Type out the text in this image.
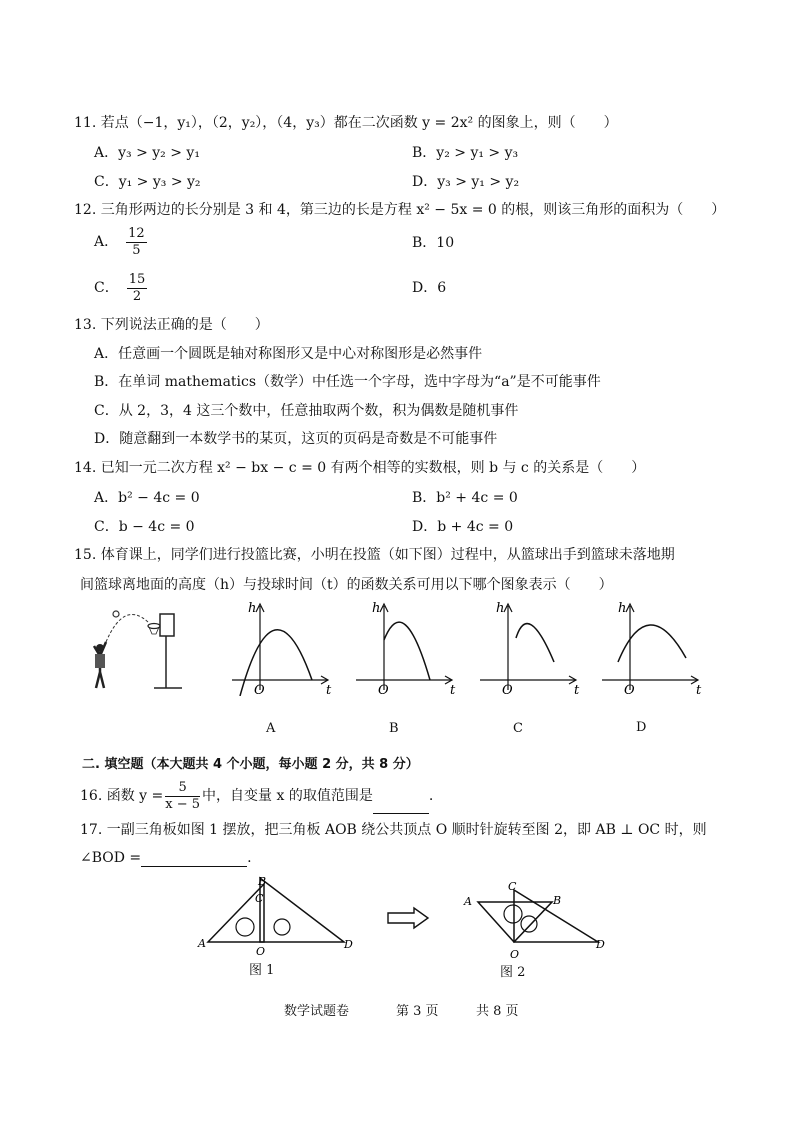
11. 若点（−1，y₁），（2，y₂），（4，y₃）都在二次函数 y = 2x² 的图象上，则（　　）
A．y₃ > y₂ > y₁	B．y₂ > y₁ > y₃
C．y₁ > y₃ > y₂	D．y₃ > y₁ > y₂
12. 三角形两边的长分别是 3 和 4，第三边的长是方程 x² − 5x = 0 的根，则该三角形的面积为（　　）
A． $\frac{12}{5}$	B．10
C． $\frac{15}{2}$	D．6
13. 下列说法正确的是（　　）
A．任意画一个圆既是轴对称图形又是中心对称图形是必然事件
B．在单词 mathematics（数学）中任选一个字母，选中字母为“a”是不可能事件
C．从 2，3，4 这三个数中，任意抽取两个数，积为偶数是随机事件
D．随意翻到一本数学书的某页，这页的页码是奇数是不可能事件
14. 已知一元二次方程 x² − bx − c = 0 有两个相等的实数根，则 b 与 c 的关系是（　　）
A．b² − 4c = 0	B．b² + 4c = 0
C．b − 4c = 0	D．b + 4c = 0
15. 体育课上，同学们进行投篮比赛，小明在投篮（如下图）过程中，从篮球出手到篮球未落地期
间篮球离地面的高度（h）与投球时间（t）的函数关系可用以下哪个图象表示（　　）
h
t
O
h
t
O
h
t
O
h
t
O
A	B	C	D
二. 填空题（本大题共 4 个小题，每小题 2 分，共 8 分）
16. 函数 $y = \frac{5}{x - 5}$ 中，自变量 x 的取值范围是	.
17. 一副三角板如图 1 摆放，把三角板 AOB 绕公共顶点 O 顺时针旋转至图 2，即 AB ⊥ OC 时，则
∠BOD =	.
A
B
C
D
O
图 1
A	B
C
D
O
图 2
数学试题卷	第 3 页	共 8 页
